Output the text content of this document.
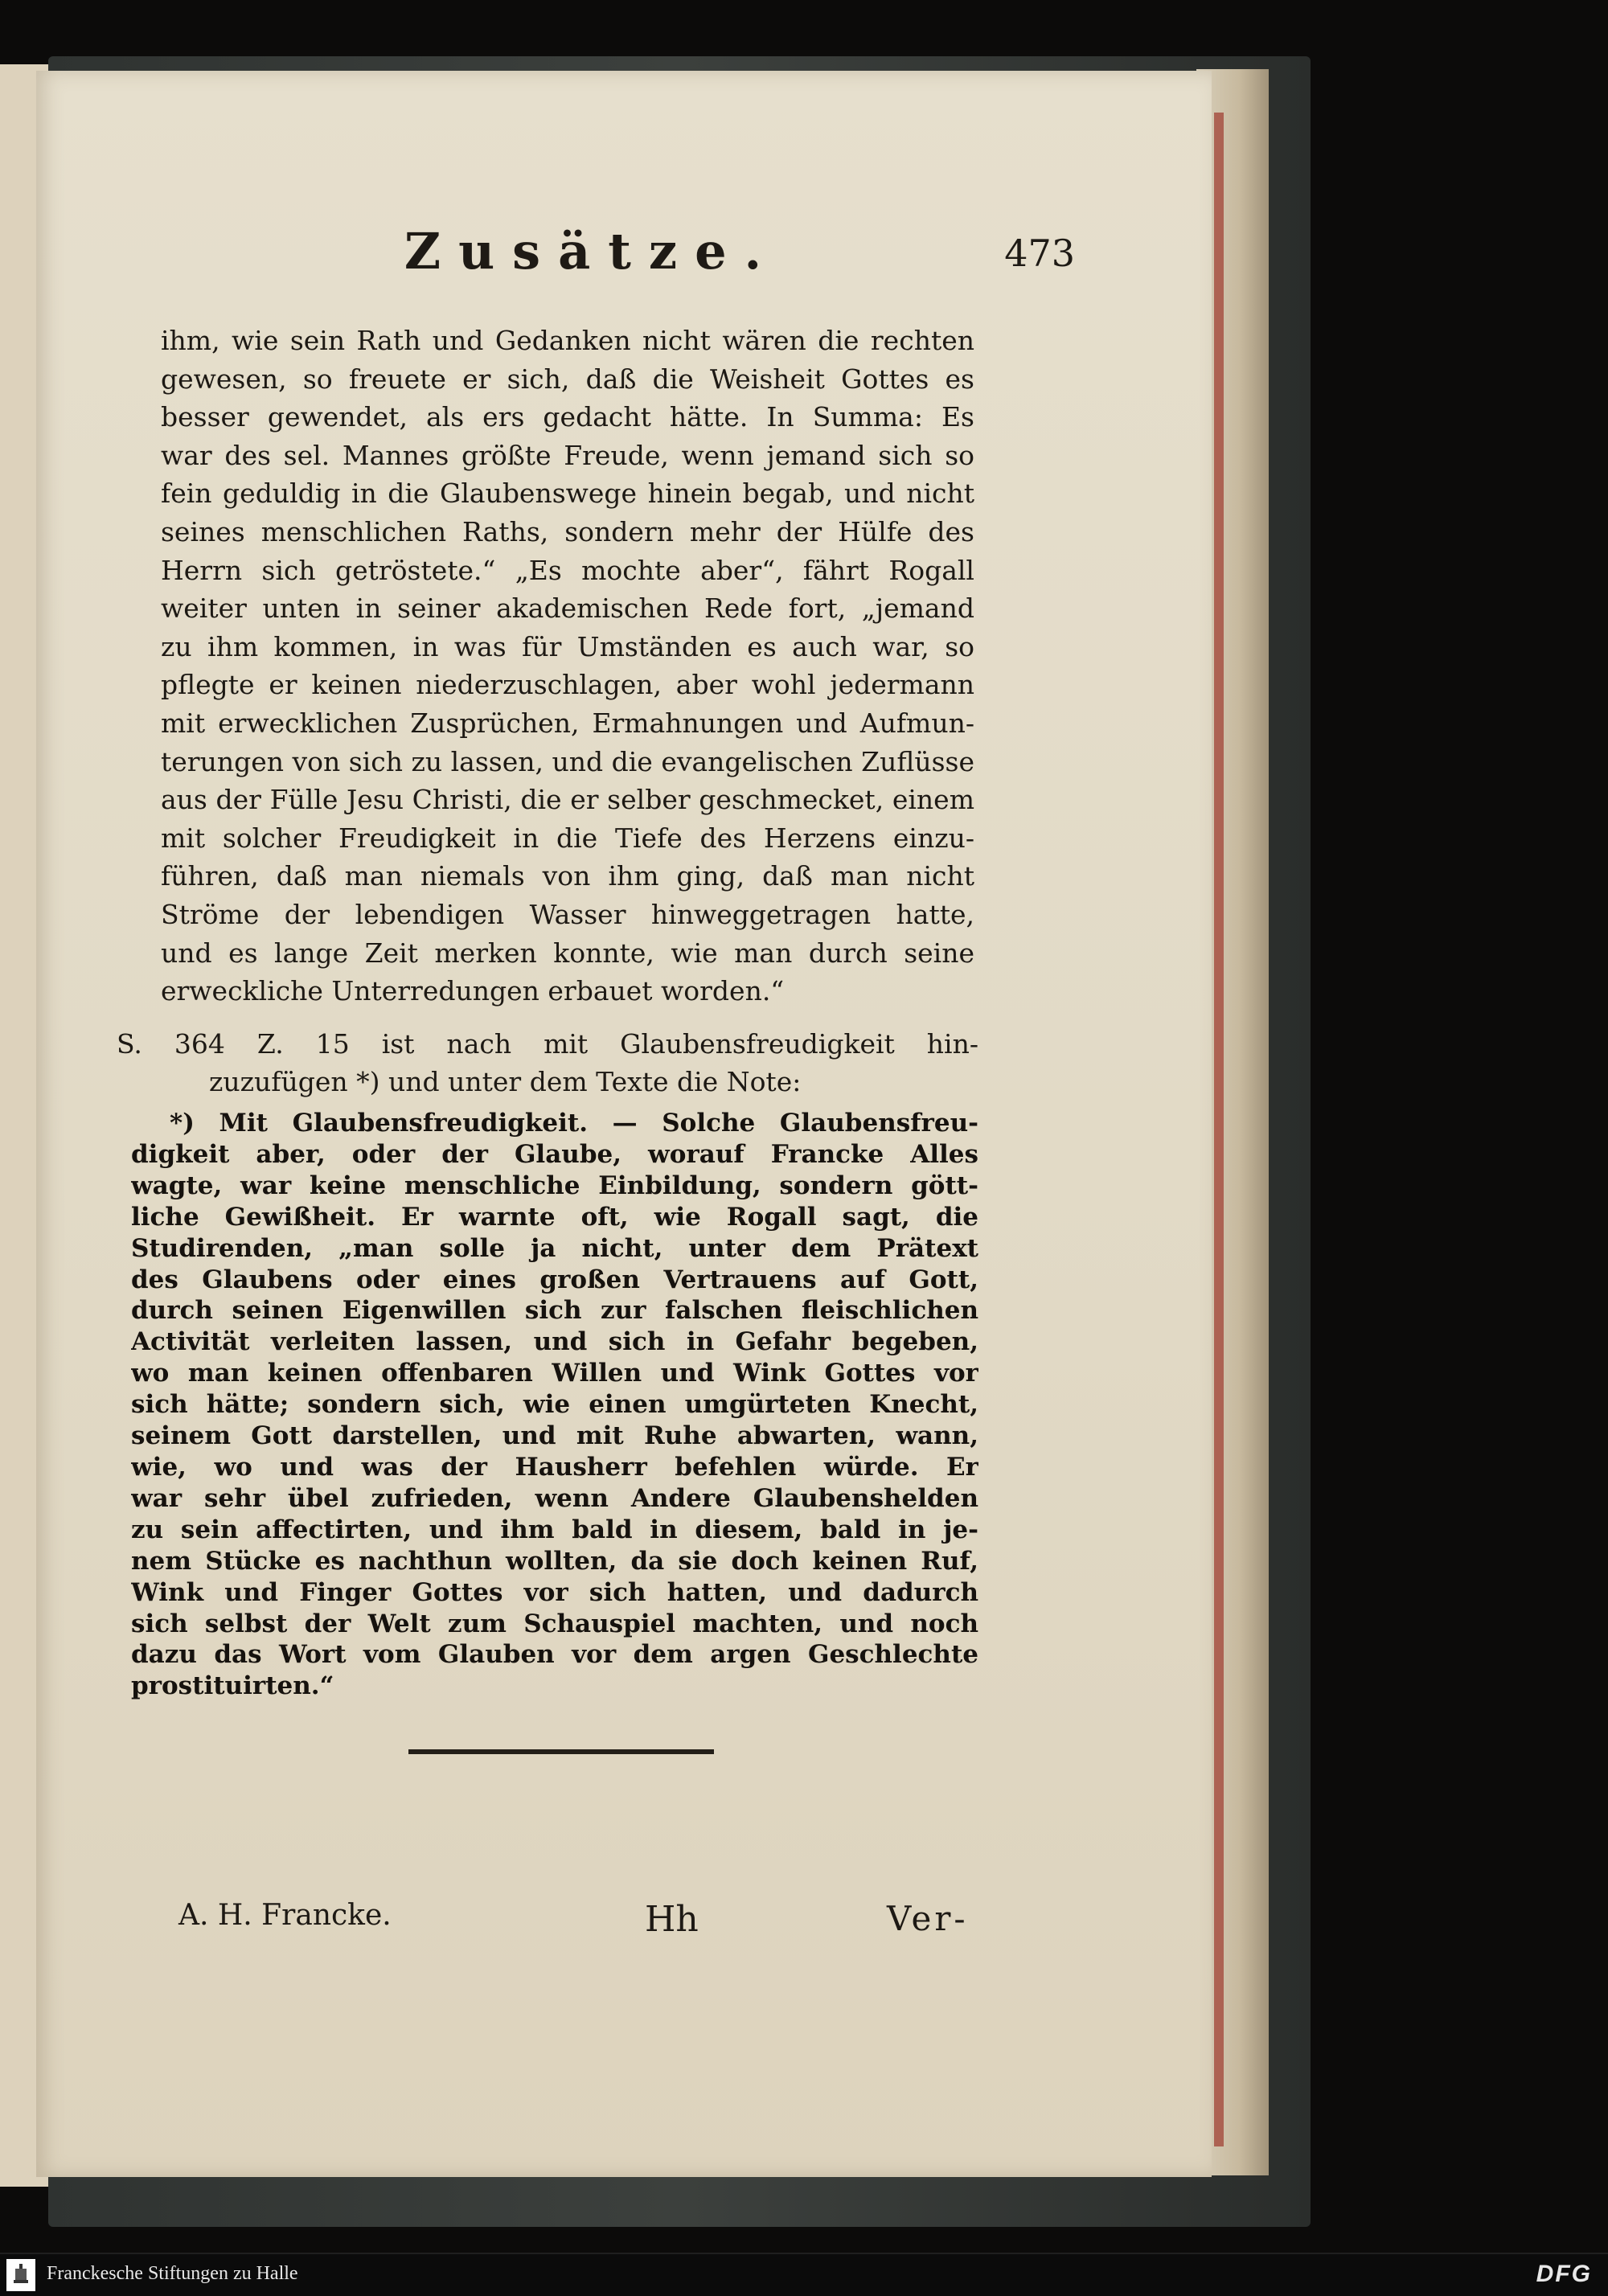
Zusätze.	473
ihm, wie sein Rath und Gedanken nicht wären die rechten
gewesen, so freuete er sich, daß die Weisheit Gottes es
besser gewendet, als ers gedacht hätte. In Summa: Es
war des sel. Mannes größte Freude, wenn jemand sich so
fein geduldig in die Glaubenswege hinein begab, und nicht
seines menschlichen Raths, sondern mehr der Hülfe des
Herrn sich getröstete.“ „Es mochte aber“, fährt Rogall
weiter unten in seiner akademischen Rede fort, „jemand
zu ihm kommen, in was für Umständen es auch war, so
pflegte er keinen niederzuschlagen, aber wohl jedermann
mit erwecklichen Zusprüchen, Ermahnungen und Aufmun-
terungen von sich zu lassen, und die evangelischen Zuflüsse
aus der Fülle Jesu Christi, die er selber geschmecket, einem
mit solcher Freudigkeit in die Tiefe des Herzens einzu-
führen, daß man niemals von ihm ging, daß man nicht
Ströme der lebendigen Wasser hinweggetragen hatte,
und es lange Zeit merken konnte, wie man durch seine
erweckliche Unterredungen erbauet worden.“
S. 364 Z. 15 ist nach mit Glaubensfreudigkeit hin-
zuzufügen *) und unter dem Texte die Note:
*) Mit Glaubensfreudigkeit. — Solche Glaubensfreu-
digkeit aber, oder der Glaube, worauf Francke Alles
wagte, war keine menschliche Einbildung, sondern gött-
liche Gewißheit. Er warnte oft, wie Rogall sagt, die
Studirenden, „man solle ja nicht, unter dem Prätext
des Glaubens oder eines großen Vertrauens auf Gott,
durch seinen Eigenwillen sich zur falschen fleischlichen
Activität verleiten lassen, und sich in Gefahr begeben,
wo man keinen offenbaren Willen und Wink Gottes vor
sich hätte; sondern sich, wie einen umgürteten Knecht,
seinem Gott darstellen, und mit Ruhe abwarten, wann,
wie, wo und was der Hausherr befehlen würde. Er
war sehr übel zufrieden, wenn Andere Glaubenshelden
zu sein affectirten, und ihm bald in diesem, bald in je-
nem Stücke es nachthun wollten, da sie doch keinen Ruf,
Wink und Finger Gottes vor sich hatten, und dadurch
sich selbst der Welt zum Schauspiel machten, und noch
dazu das Wort vom Glauben vor dem argen Geschlechte
prostituirten.“
A. H. Francke.	Hh	Ver-
Franckesche Stiftungen zu Halle	DFG
